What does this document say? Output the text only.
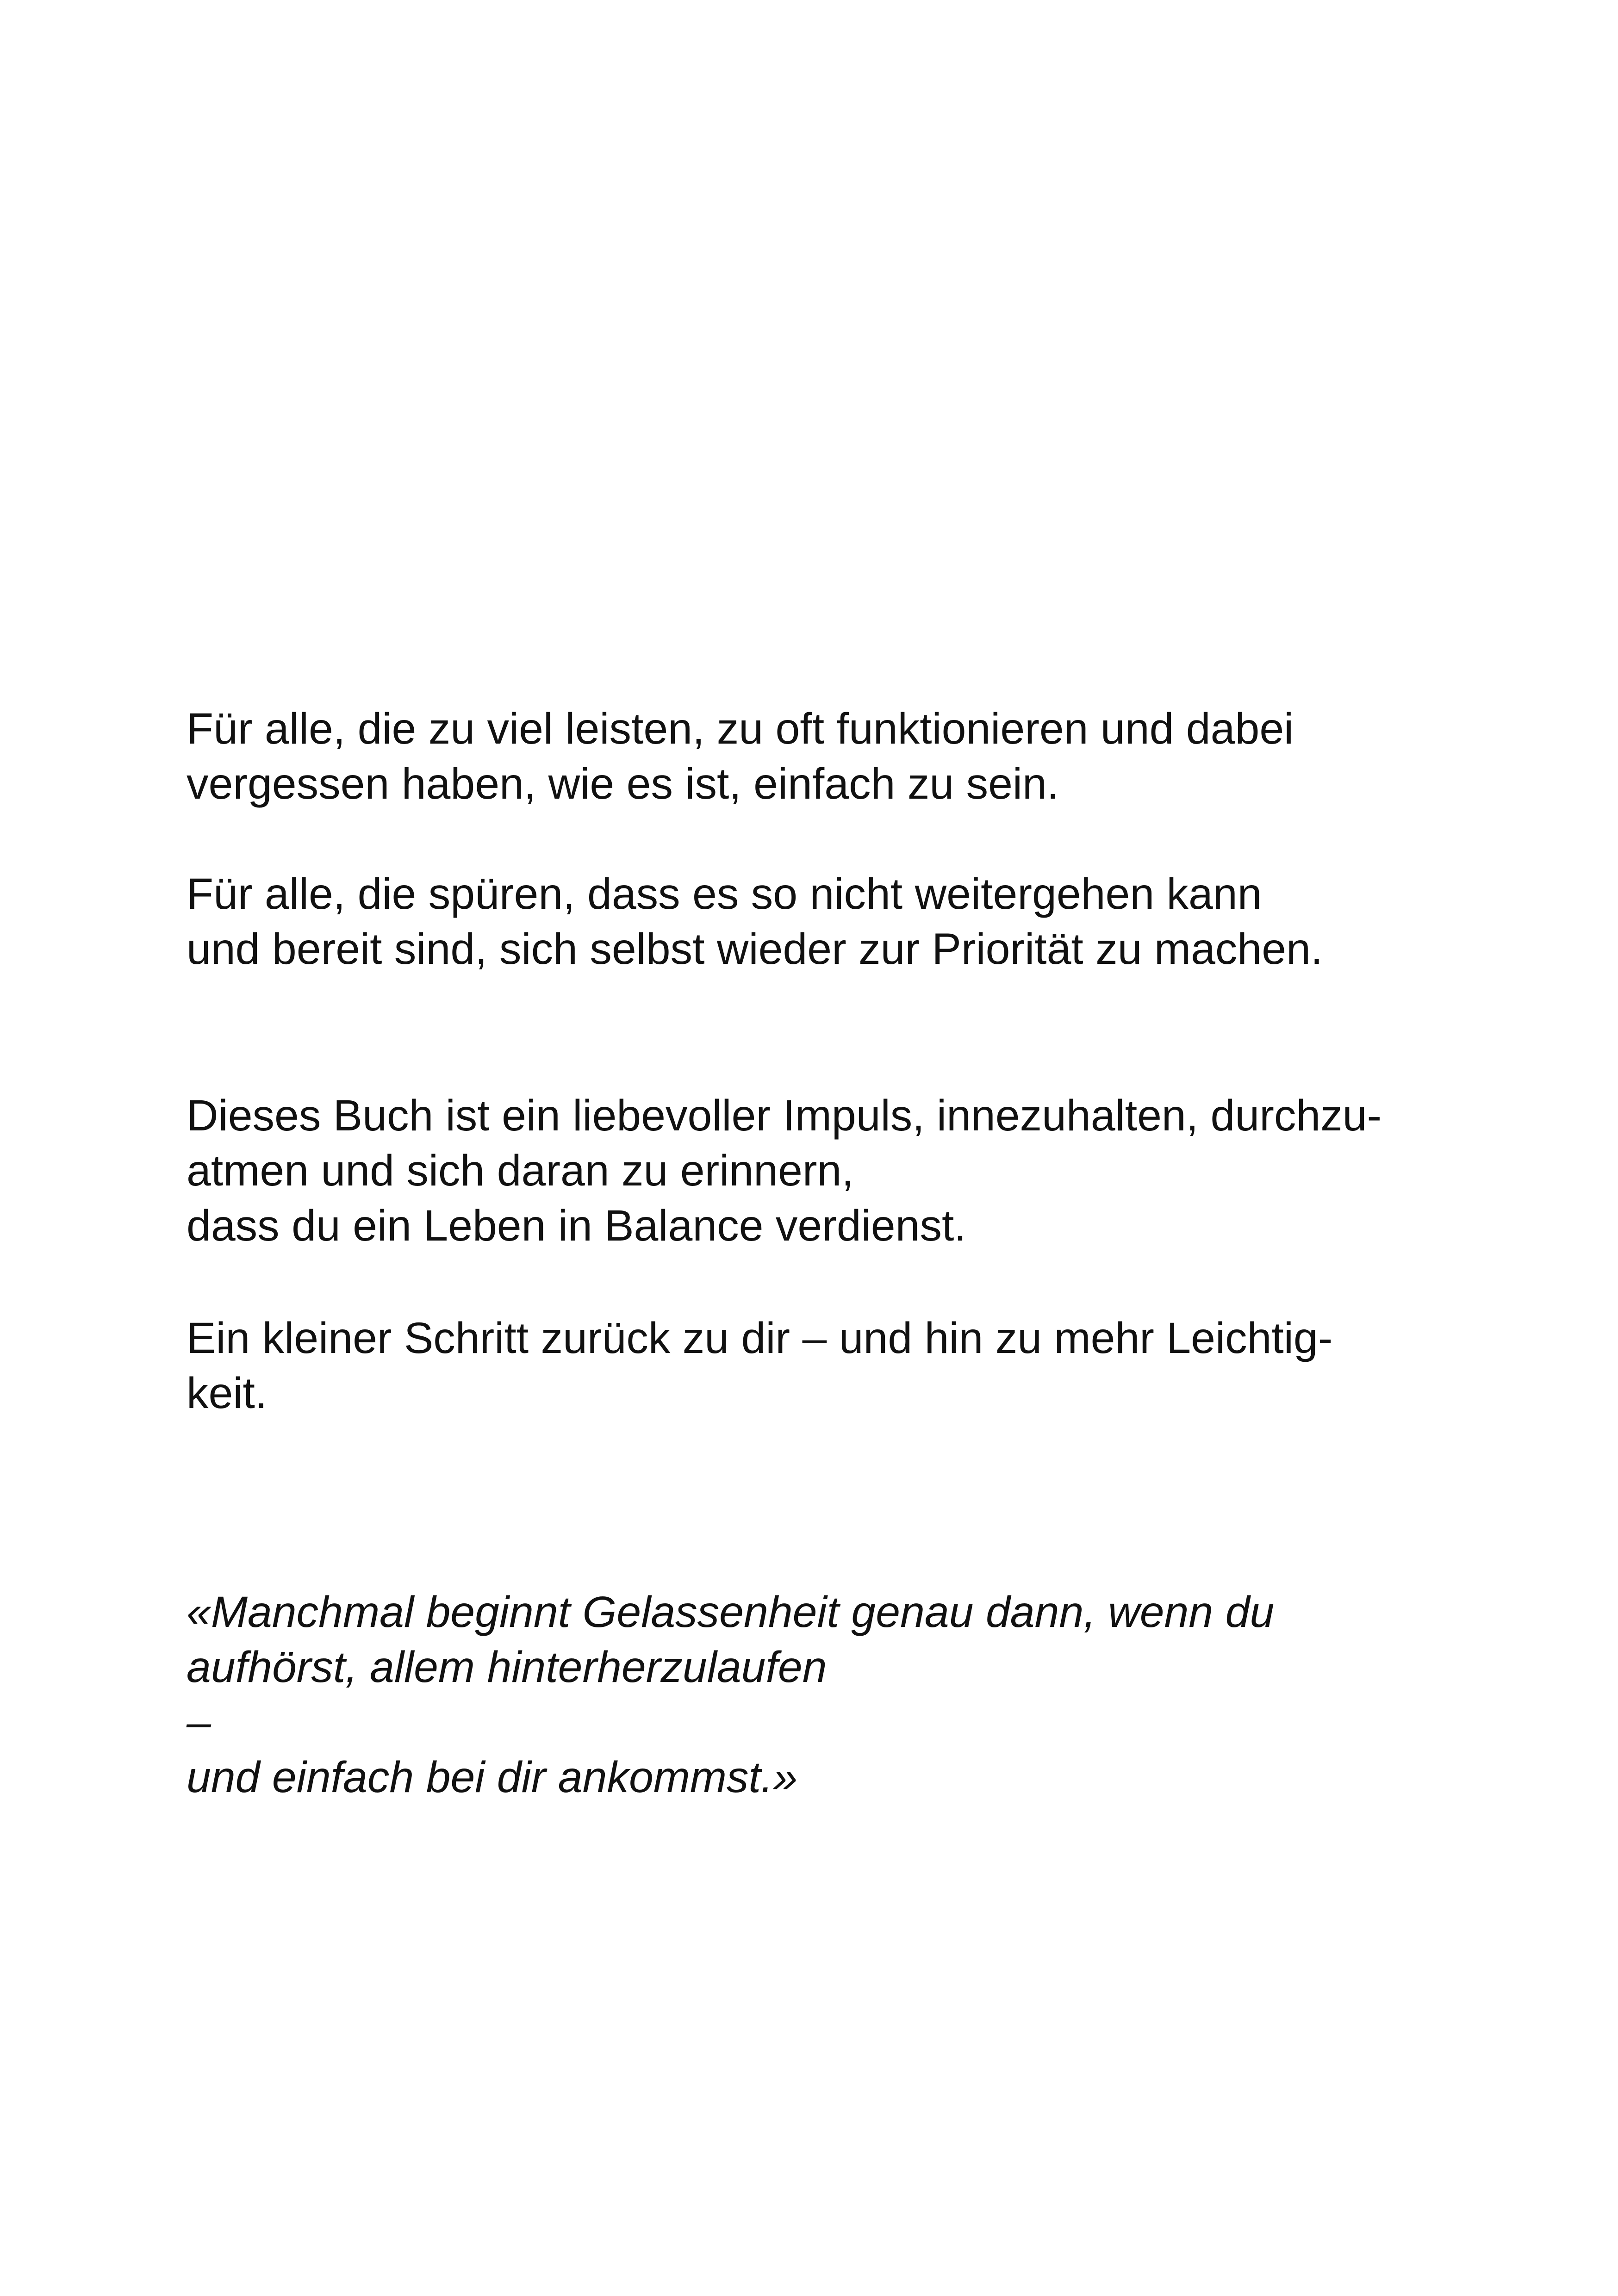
Für alle, die zu viel leisten, zu oft funktionieren und dabei
vergessen haben, wie es ist, einfach zu sein.

Für alle, die spüren, dass es so nicht weitergehen kann
und bereit sind, sich selbst wieder zur Priorität zu machen.

Dieses Buch ist ein liebevoller Impuls, innezuhalten, durchzu-
atmen und sich daran zu erinnern,
dass du ein Leben in Balance verdienst.

Ein kleiner Schritt zurück zu dir – und hin zu mehr Leichtig-
keit.

«Manchmal beginnt Gelassenheit genau dann, wenn du
aufhörst, allem hinterherzulaufen
–
und einfach bei dir ankommst.»
